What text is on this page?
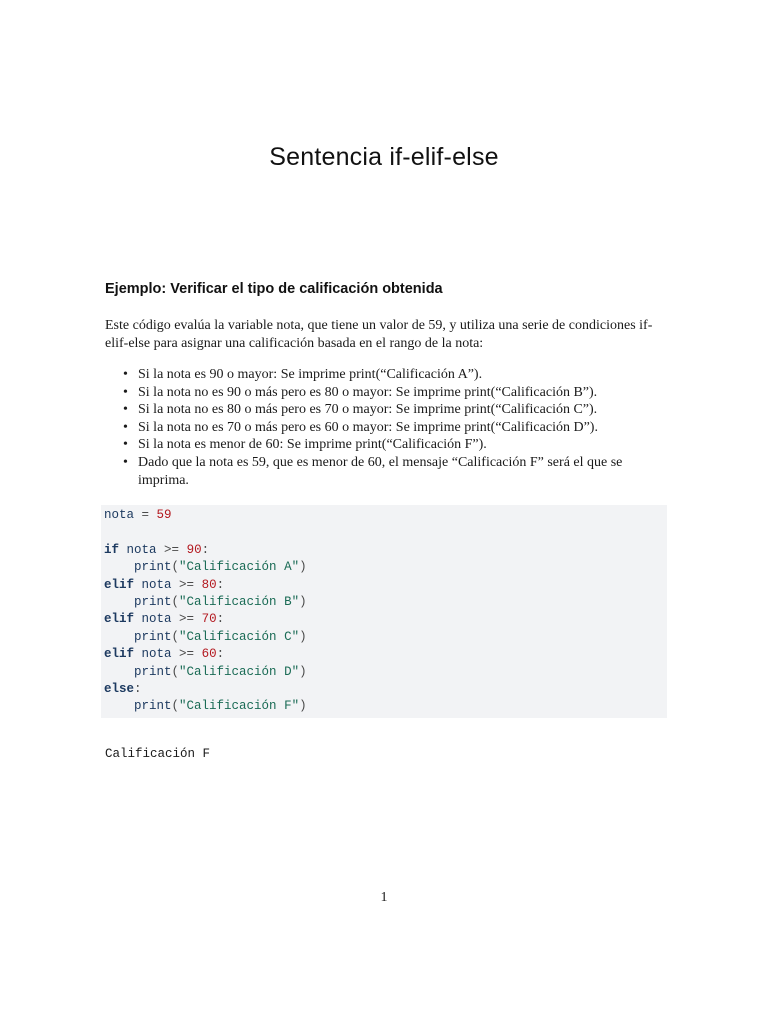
Sentencia if-elif-else
Ejemplo: Verificar el tipo de calificación obtenida

Este código evalúa la variable nota, que tiene un valor de 59, y utiliza una serie de condiciones if-elif-else para asignar una calificación basada en el rango de la nota:

• Si la nota es 90 o mayor: Se imprime print(“Calificación A”).
• Si la nota no es 90 o más pero es 80 o mayor: Se imprime print(“Calificación B”).
• Si la nota no es 80 o más pero es 70 o mayor: Se imprime print(“Calificación C”).
• Si la nota no es 70 o más pero es 60 o mayor: Se imprime print(“Calificación D”).
• Si la nota es menor de 60: Se imprime print(“Calificación F”).
• Dado que la nota es 59, que es menor de 60, el mensaje “Calificación F” será el que se imprima.
nota = 59

if nota >= 90:
print("Calificación A")
elif nota >= 80:
print("Calificación B")
elif nota >= 70:
print("Calificación C")
elif nota >= 60:
print("Calificación D")
else:
print("Calificación F")
Calificación F
1
